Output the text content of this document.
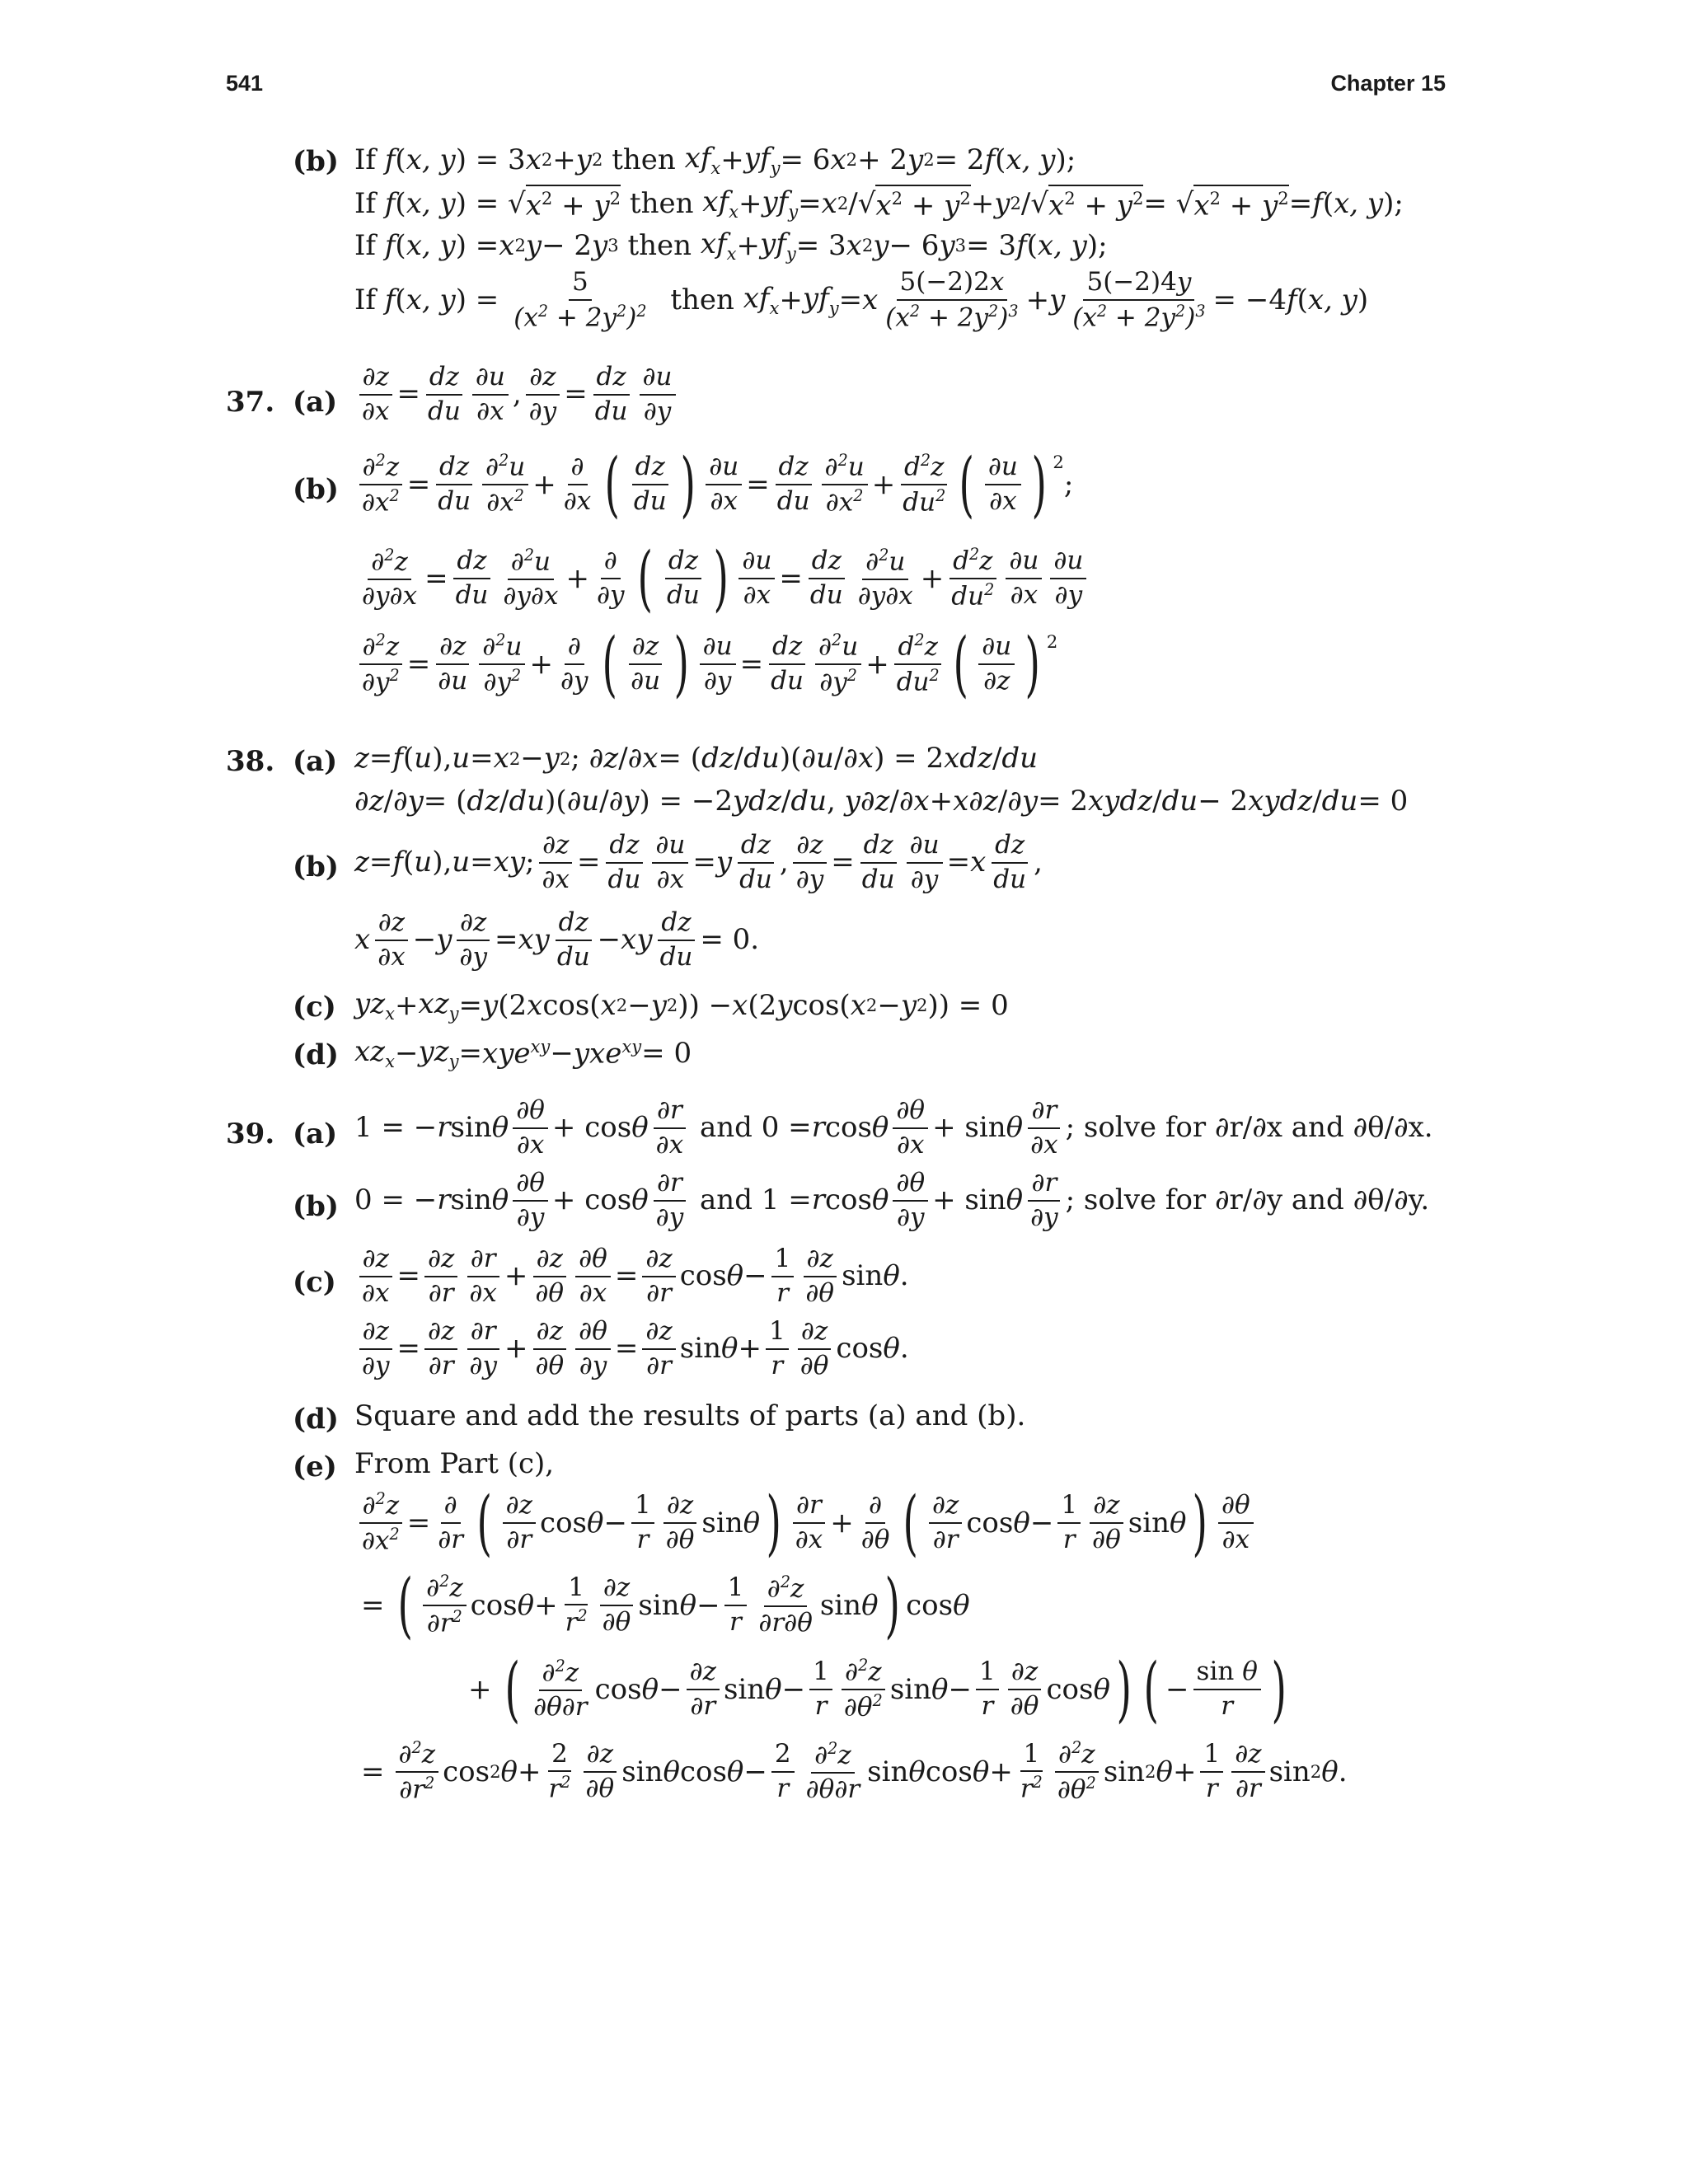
541	Chapter 15
(b) If
f ( x, y ) = 3 x 2 + y 2 then $xf_x + yf_y = 6$ x 2 + 2 y 2 = 2 f ( x, y );
If
f ( x, y ) = √ $x^2 + y^2$ then $xf_x + yf_y = x$ 2 /√ $x^2 + y^2 + y$ 2 /√ $x^2 + y^2$ = √ $x^2 + y^2 = f$ ( x, y );
If
f ( x, y ) = x 2 y − 2 y 3 then $xf_x + yf_y = 3$ x 2 y − 6 y 3 = 3 f ( x, y );
If
f ( x, y ) =
5
$(x^2 + 2y^2)^2$ then $xf_x + yf_y = x$
5(−2)2x
$(x^2 + 2y^2)^3 + y$
5(−2)4y
$(x^2 + 2y^2)^3 = -4$ f ( x, y )
37. (a)
∂z
∂x
=
dz
du
∂u
∂x
,
∂z
∂y
=
dz
du
∂u
∂y
(b)
∂$^2$z
$\partial x^2$ =
dz
du
∂$^2$u
$\partial x^2$ +
∂
∂x ( dz
du ) ∂u
∂x
=
dz
du
∂$^2$u
$\partial x^2$ +
$d^2z$
$du^2$ ( ∂u
∂x ) $^2$
;
∂$^2$z
∂y∂x
=
dz
du
∂$^2$u
∂y∂x
+
∂
∂y ( dz
du ) ∂u
∂x
=
dz
du
∂$^2$u
∂y∂x
+
$d^2z$
$du^2$
∂u
∂x
∂u
∂y
∂$^2$z
$\partial y^2$ =
∂z
∂u
∂$^2$u
$\partial y^2$ +
∂
∂y ( ∂z
∂u ) ∂u
∂y
=
dz
du
∂$^2$u
$\partial y^2$ +
$d^2z$
$du^2$ ( ∂u
∂z ) $^2$
38. (a) z = f ( u ), u = x 2 − y 2 ; ∂ z /∂ x = ( dz / du )(∂ u /∂ x ) = 2 xdz / du
∂ z /∂ y = ( dz / du )(∂ u /∂ y ) = −2 ydz / du , y ∂ z /∂ x + x ∂ z /∂ y = 2 xydz / du − 2 xydz / du = 0
(b) z = f ( u ), u = xy ;
∂z
∂x
=
dz
du
∂u
∂x
= y
dz
du
,
∂z
∂y
=
dz
du
∂u
∂y
= x
dz
du
,
x
∂z
∂x
− y
∂z
∂y
= xy
dz
du
− xy
dz
du
= 0.
(c) $yz_x + xz_y = y$ (2 x cos( x 2 − y 2 )) − x (2 y cos( x 2 − y 2 )) = 0
(d) $xz_x - yz_y = xye^{xy} - yxe^{xy} = 0$
39. (a) 1 = − r sin θ
∂θ
∂x
+ cos θ
∂r
∂x

and 0 = r cos θ
∂θ
∂x
+ sin θ
∂r
∂x
; solve for ∂r/∂x and ∂θ/∂x.
(b) 0 = − r sin θ
∂θ
∂y
+ cos θ
∂r
∂y
and 1 = r cos θ
∂θ
∂y
+ sin θ
∂r
∂y
; solve for ∂r/∂y and ∂θ/∂y.
(c)
∂z
∂x
=
∂z
∂r
∂r
∂x
+
∂z
∂θ
∂θ
∂x
=
∂z
∂r
cos θ −
1
r
∂z
∂θ
sin θ .
∂z
∂y
=
∂z
∂r
∂r
∂y
+
∂z
∂θ
∂θ
∂y
=
∂z
∂r
sin θ +
1
r
∂z
∂θ
cos θ .
(d) Square and add the results of parts (a) and (b).
(e) From Part (c),
∂$^2$z
$\partial x^2$ =
∂
∂r ( ∂z
∂r
cos θ −
1
r
∂z
∂θ
sin θ ) ∂r
∂x
+
∂
∂θ ( ∂z
∂r
cos θ −
1
r
∂z
∂θ
sin θ ) ∂θ
∂x
= ( ∂$^2$z
$\partial r^2$ cos θ +
1
$r^2$
∂z
∂θ
sin θ −
1
r
∂$^2$z
∂r∂θ
sin θ ) cos θ
+ ( ∂$^2$z
∂θ∂r
cos θ −
∂z
∂r
sin θ −
1
r
∂$^2$z
$\partial\theta^2$ sin θ −
1
r
∂z
∂θ
cos θ ) ( −
sin θ
r )
= $\frac{\partial^2z}{\partial r^2}$ cos 2 θ +
2
$r^2$
∂z
∂θ
sin θ cos θ −
2
r
∂$^2$z
∂θ∂r
sin θ cos θ +
1
$r^2$
∂$^2$z
$\partial\theta^2$ sin 2 θ +
1
r
∂z
∂r
sin 2 θ .
